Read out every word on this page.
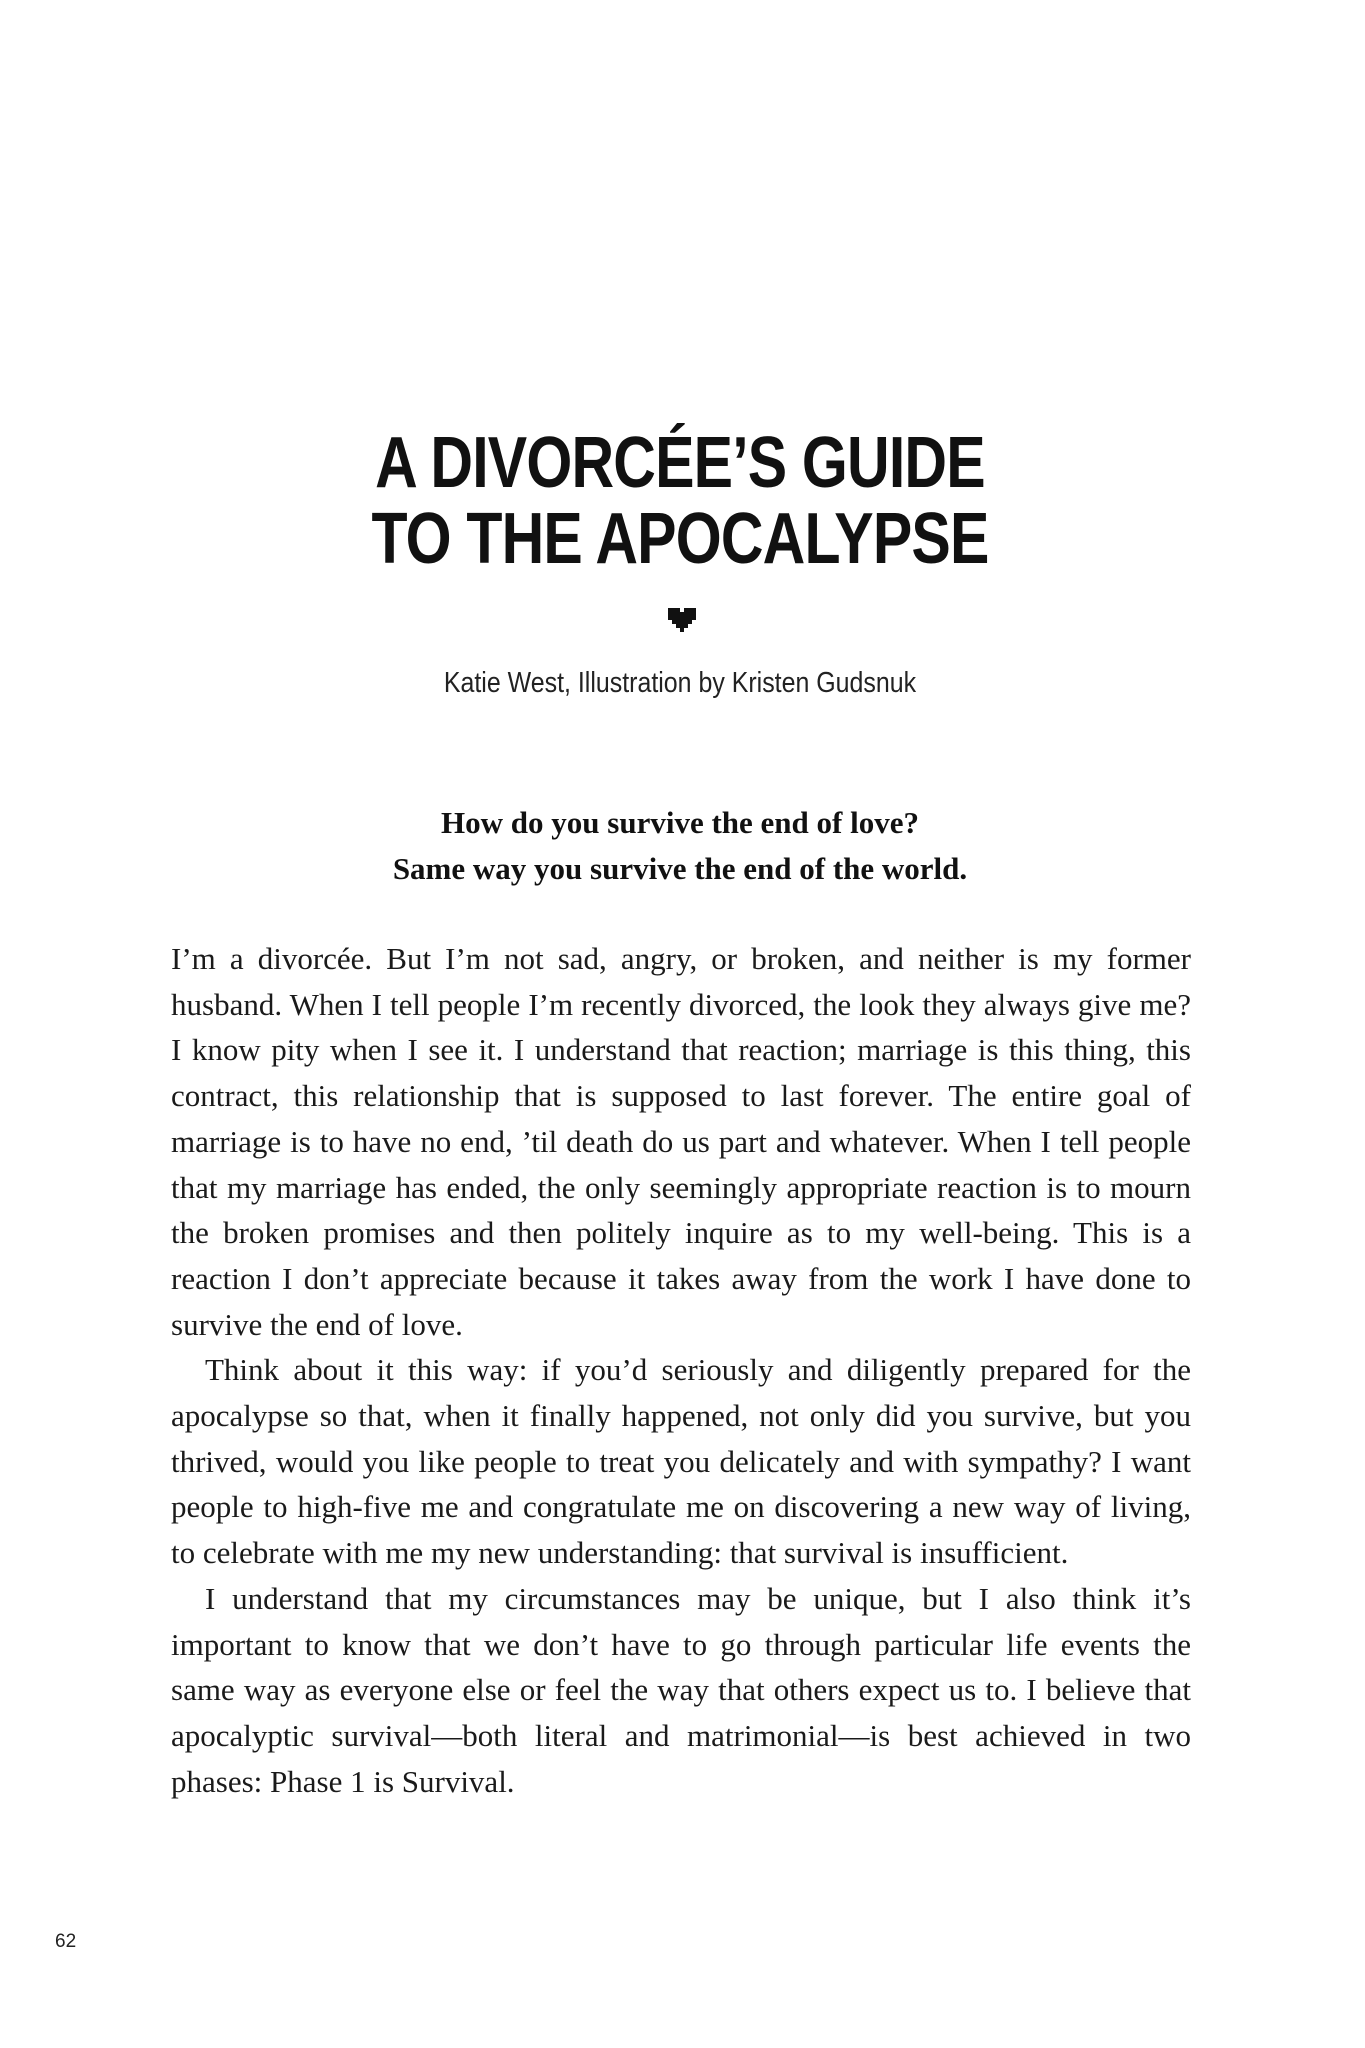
A DIVORCÉE’S GUIDE
TO THE APOCALYPSE
Katie West, Illustration by Kristen Gudsnuk
How do you survive the end of love?
Same way you survive the end of the world.

I’m a divorcée. But I’m not sad, angry, or broken, and neither is my former husband. When I tell people I’m recently divorced, the look they always give me? I know pity when I see it. I understand that reaction; marriage is this thing, this contract, this relationship that is supposed to last forever. The entire goal of marriage is to have no end, ’til death do us part and whatever. When I tell people that my marriage has ended, the only seemingly appropriate reaction is to mourn the broken promises and then politely inquire as to my well-being. This is a reaction I don’t appreciate because it takes away from the work I have done to survive the end of love.

Think about it this way: if you’d seriously and diligently prepared for the apocalypse so that, when it finally happened, not only did you survive, but you thrived, would you like people to treat you delicately and with sympathy? I want people to high-five me and congratulate me on discovering a new way of living, to celebrate with me my new understanding: that survival is insufficient.

I understand that my circumstances may be unique, but I also think it’s important to know that we don’t have to go through particular life events the same way as everyone else or feel the way that others expect us to. I believe that apocalyptic survival—both literal and matrimonial—is best achieved in two phases: Phase 1 is Survival.

62
